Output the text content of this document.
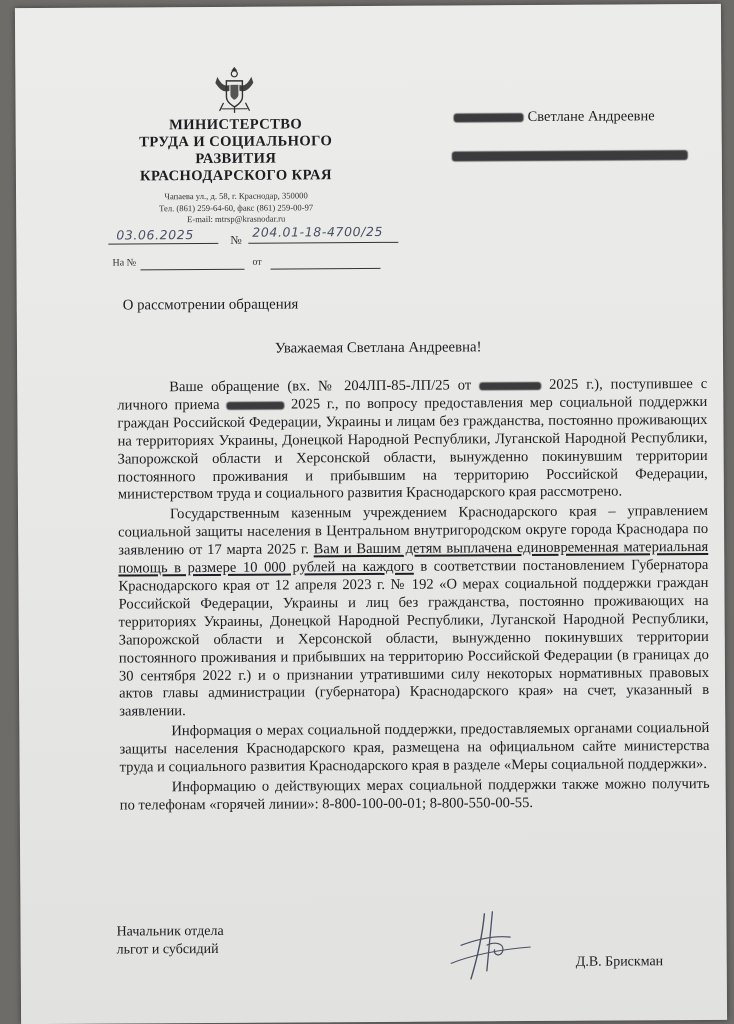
МИНИСТЕРСТВО
ТРУДА И СОЦИАЛЬНОГО
РАЗВИТИЯ
КРАСНОДАРСКОГО КРАЯ
Чапаева ул., д. 58, г. Краснодар, 350000
Тел. (861) 259-64-60, факс (861) 259-00-97
E-mail: mtrsp@krasnodar.ru
03.06.2025	№
204.01-18-4700/25
На №	от
Светлане Андреевне
О рассмотрении обращения
Уважаемая Светлана Андреевна!

Ваше обращение (вх. № 204ЛП-85-ЛП/25 от	2025 г.), поступившее с личного приема	2025 г., по вопросу предоставления мер социальной поддержки граждан Российской Федерации, Украины и лицам без гражданства, постоянно проживающих на территориях Украины, Донецкой Народной Республики, Луганской Народной Республики, Запорожской области и Херсонской области, вынужденно покинувшим территории постоянного проживания и прибывшим на территорию Российской Федерации, министерством труда и социального развития Краснодарского края рассмотрено.

Государственным казенным учреждением Краснодарского края – управлением социальной защиты населения в Центральном внутригородском округе города Краснодара по заявлению от 17 марта 2025 г. Вам и Вашим детям выплачена единовременная материальная помощь в размере 10 000 рублей на каждого в соответствии постановлением Губернатора Краснодарского края от 12 апреля 2023 г. № 192 «О мерах социальной поддержки граждан Российской Федерации, Украины и лиц без гражданства, постоянно проживающих на территориях Украины, Донецкой Народной Республики, Луганской Народной Республики, Запорожской области и Херсонской области, вынужденно покинувших территории постоянного проживания и прибывших на территорию Российской Федерации (в границах до 30 сентября 2022 г.) и о признании утратившими силу некоторых нормативных правовых актов главы администрации (губернатора) Краснодарского края» на счет, указанный в заявлении.

Информация о мерах социальной поддержки, предоставляемых органами социальной защиты населения Краснодарского края, размещена на официальном сайте министерства труда и социального развития Краснодарского края в разделе «Меры социальной поддержки».

Информацию о действующих мерах социальной поддержки также можно получить по телефонам «горячей линии»: 8-800-100-00-01; 8-800-550-00-55.

Начальник отдела
льгот и субсидий
Д.В. Брискман
